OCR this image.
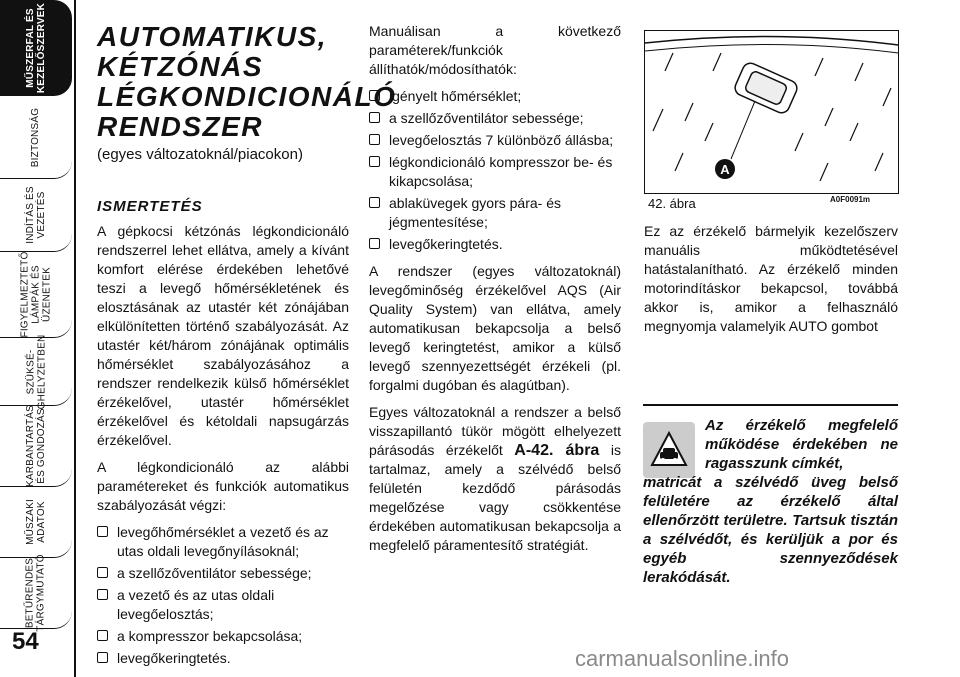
MŰSZERFAL ÉS
KEZELŐSZERVEK
BIZTONSÁG
INDÍTÁS ÉS
VEZETÉS
FIGYELMEZTETŐ
LÁMPÁK ÉS
ÜZENETEK
SZÜKSÉ-
GHELYZETBEN
KARBANTARTÁS
ÉS GONDOZÁS
MŰSZAKI
ADATOK
BETŰRENDES
TÁRGYMUTATÓ
54
AUTOMATIKUS,
KÉTZÓNÁS
LÉGKONDICIONÁLÓ
RENDSZER
(egyes változatoknál/piacokon)
ISMERTETÉS

A gépkocsi kétzónás légkondicionáló rendszerrel lehet ellátva, amely a kívánt komfort elérése érdekében lehetővé teszi a levegő hőmérsékletének és elosztásának az utastér két zónájában elkülönítetten történő szabályozását. Az utastér két/három zónájának optimális hőmérséklet szabályozásához a rendszer rendelkezik külső hőmérséklet érzékelővel, utastér hőmérséklet érzékelővel és kétoldali napsugárzás érzékelővel.

A légkondicionáló az alábbi paramétereket és funkciók automatikus szabályozását végzi:

levegőhőmérséklet a vezető és az utas oldali levegőnyílásoknál;
a szellőzőventilátor sebessége;
a vezető és az utas oldali levegőelosztás;
a kompresszor bekapcsolása;
levegőkeringtetés.

Manuálisan a következő paraméterek/funkciók állíthatók/módosíthatók:

igényelt hőmérséklet;
a szellőzőventilátor sebessége;
levegőelosztás 7 különböző állásba;
légkondicionáló kompresszor be- és kikapcsolása;
ablaküvegek gyors pára- és jégmentesítése;
levegőkeringtetés.

A rendszer (egyes változatoknál) levegőminőség érzékelővel AQS (Air Quality System) van ellátva, amely automatikusan bekapcsolja a belső levegő keringtetést, amikor a külső levegő szennyezettségét érzékeli (pl. forgalmi dugóban és alagútban).

Egyes változatoknál a rendszer a belső visszapillantó tükör mögött elhelyezett párásodás érzékelőt A-42. ábra is tartalmaz, amely a szélvédő belső felületén kezdődő párásodás megelőzése vagy csökkentése érdekében automatikusan bekapcsolja a megfelelő páramentesítő stratégiát.

A
42. ábra	A0F0091m

Ez az érzékelő bármelyik kezelőszerv manuális működtetésével hatástalanítható. Az érzékelő minden motorindításkor bekapcsol, továbbá akkor is, amikor a felhasználó megnyomja valamelyik AUTO gombot

Az érzékelő megfelelő működése érdekében ne ragasszunk címkét,
matricát a szélvédő üveg belső felületére az érzékelő által ellenőrzött területre. Tartsuk tisztán a szélvédőt, és kerüljük a por és egyéb szennyeződések lerakódását.
carmanualsonline.info
